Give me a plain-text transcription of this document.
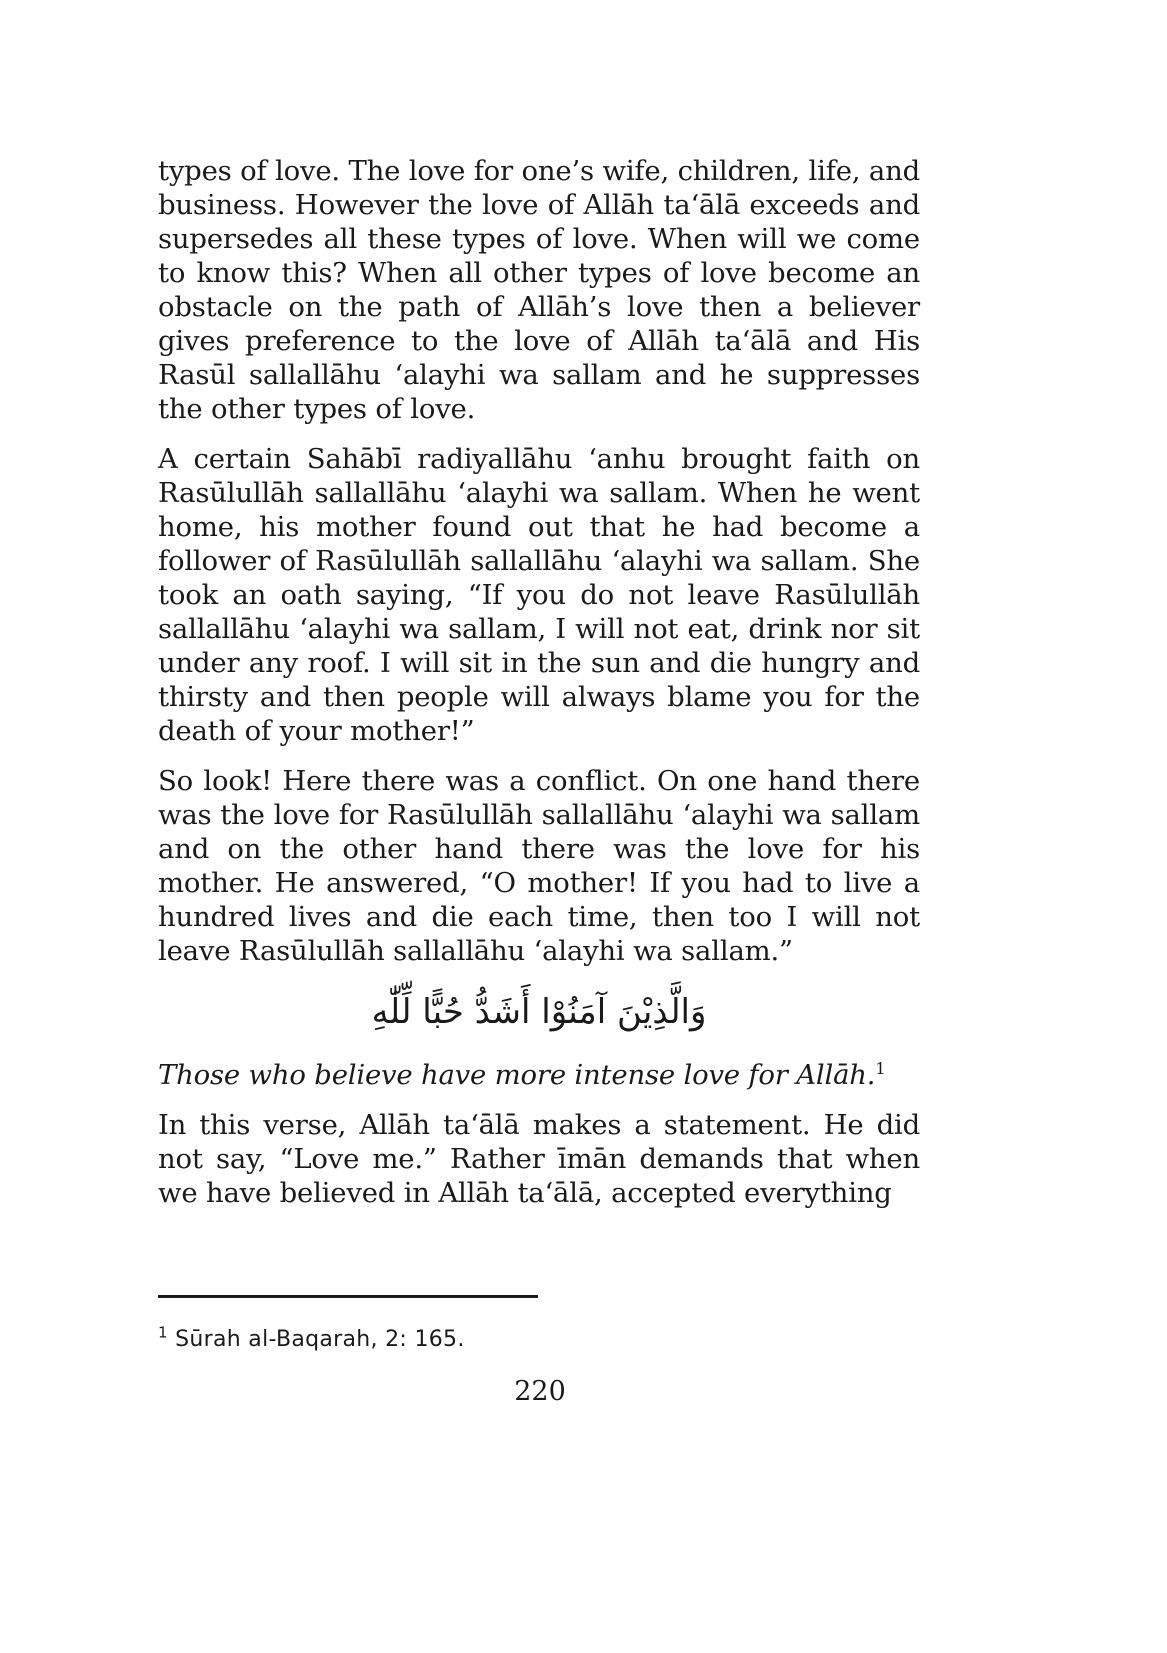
types of love. The love for one’s wife, children, life, and business. However the love of Allāh ta‘ālā exceeds and supersedes all these types of love. When will we come to know this? When all other types of love become an obstacle on the path of Allāh’s love then a believer gives preference to the love of Allāh ta‘ālā and His Rasūl sallallāhu ‘alayhi wa sallam and he suppresses the other types of love.

A certain Sahābī radiyallāhu ‘anhu brought faith on Rasūlullāh sallallāhu ‘alayhi wa sallam. When he went home, his mother found out that he had become a follower of Rasūlullāh sallallāhu ‘alayhi wa sallam. She took an oath saying, “If you do not leave Rasūlullāh sallallāhu ‘alayhi wa sallam, I will not eat, drink nor sit under any roof. I will sit in the sun and die hungry and thirsty and then people will always blame you for the death of your mother!”

So look! Here there was a conflict. On one hand there was the love for Rasūlullāh sallallāhu ‘alayhi wa sallam and on the other hand there was the love for his mother. He answered, “O mother! If you had to live a hundred lives and die each time, then too I will not leave Rasūlullāh sallallāhu ‘alayhi wa sallam.”

وَالَّذِيْنَ آمَنُوْا أَشَدُّ حُبًّا لِّلّٰهِ

Those who believe have more intense love for Allāh.$^1$

In this verse, Allāh ta‘ālā makes a statement. He did not say, “Love me.” Rather īmān demands that when we have believed in Allāh ta‘ālā, accepted everything

$^1$ Sūrah al-Baqarah, 2: 165.
220
